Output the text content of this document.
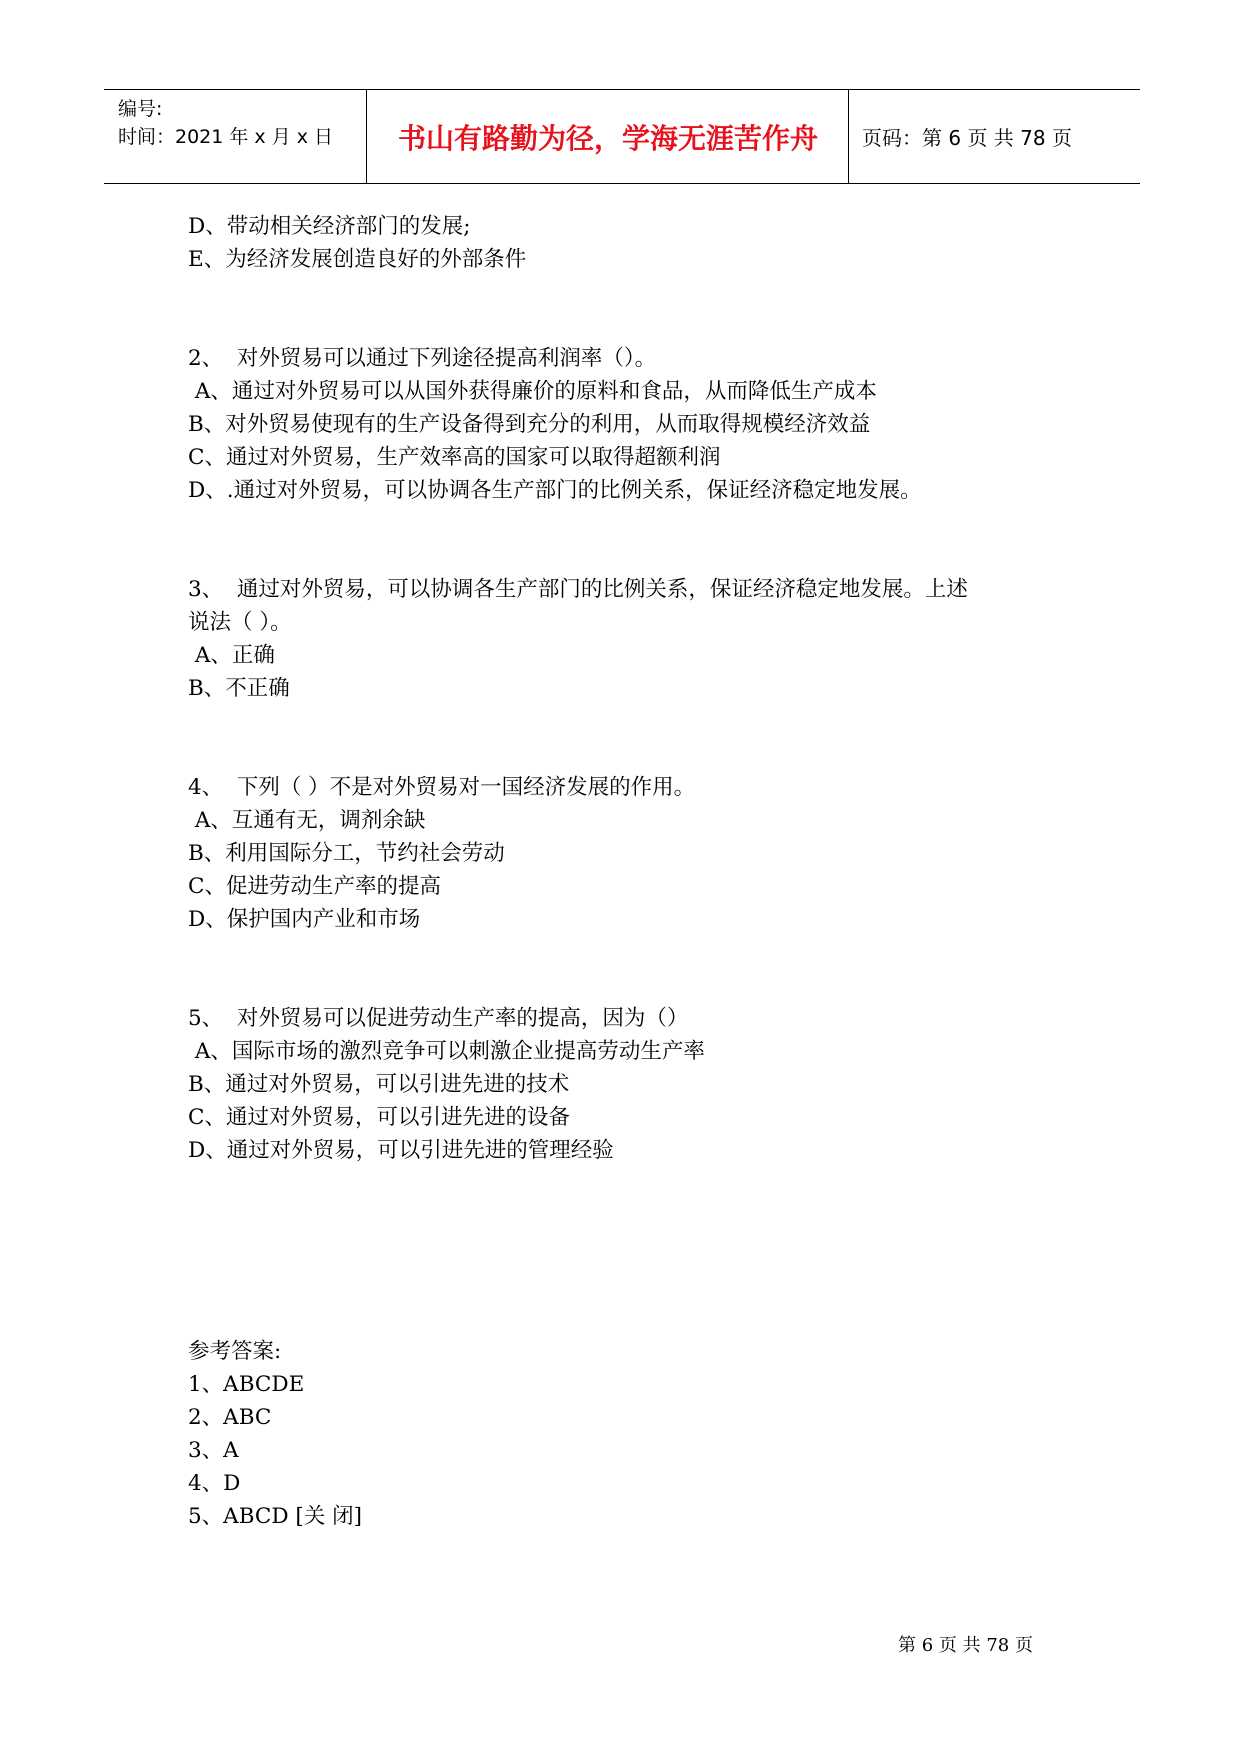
编号:
时间：2021 年 x 月 x 日	书山有路勤为径，学海无涯苦作舟	页码：第 6 页 共 78 页
D、带动相关经济部门的发展;
E、为经济发展创造良好的外部条件
2、  对外贸易可以通过下列途径提高利润率（）。
A、通过对外贸易可以从国外获得廉价的原料和食品，从而降低生产成本
B、对外贸易使现有的生产设备得到充分的利用，从而取得规模经济效益
C、通过对外贸易，生产效率高的国家可以取得超额利润
D、.通过对外贸易，可以协调各生产部门的比例关系，保证经济稳定地发展。
3、  通过对外贸易，可以协调各生产部门的比例关系，保证经济稳定地发展。上述
说法（ ）。
A、正确
B、不正确
4、  下列（ ）不是对外贸易对一国经济发展的作用。
A、互通有无，调剂余缺
B、利用国际分工，节约社会劳动
C、促进劳动生产率的提高
D、保护国内产业和市场
5、  对外贸易可以促进劳动生产率的提高，因为（）
A、国际市场的激烈竞争可以刺激企业提高劳动生产率
B、通过对外贸易，可以引进先进的技术
C、通过对外贸易，可以引进先进的设备
D、通过对外贸易，可以引进先进的管理经验
参考答案:
1、ABCDE
2、ABC
3、A
4、D
5、ABCD [关 闭]
第 6 页 共 78 页
